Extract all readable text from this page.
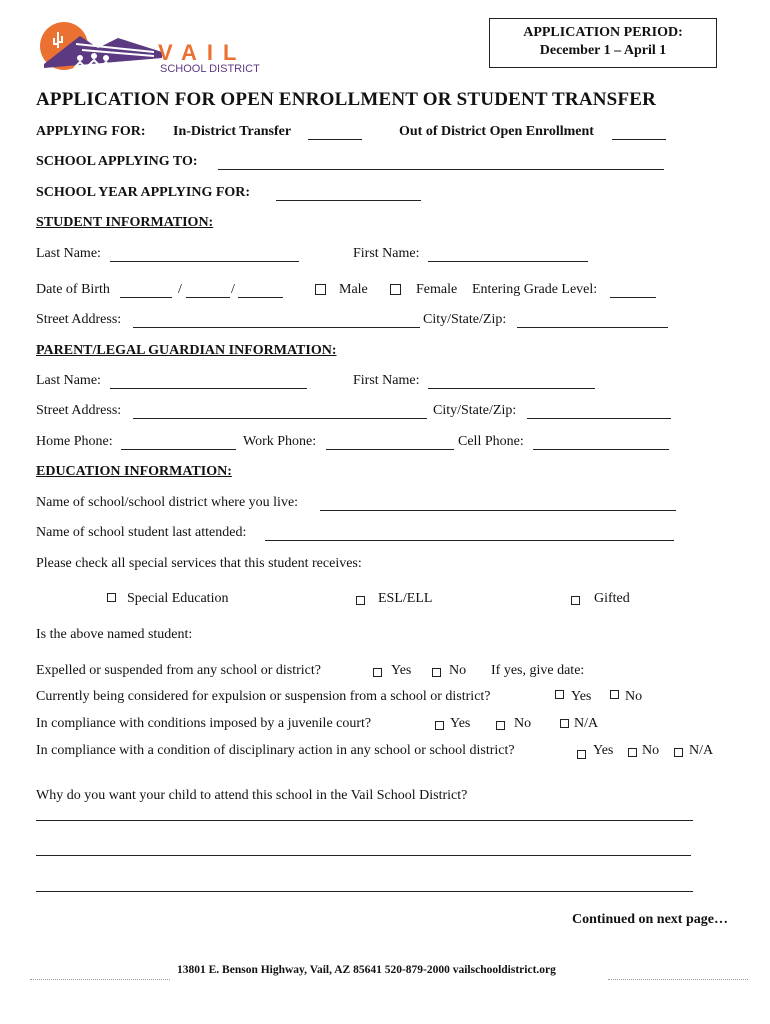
VAIL
SCHOOL DISTRICT
APPLICATION PERIOD:
December 1 – April 1
APPLICATION FOR OPEN ENROLLMENT OR STUDENT TRANSFER
APPLYING FOR: In-District Transfer	Out of District Open Enrollment
SCHOOL APPLYING TO:
SCHOOL YEAR APPLYING FOR:
STUDENT INFORMATION:
Last Name:	First Name:
Date of Birth	/	/	Male	Female Entering Grade Level:
Street Address:	City/State/Zip:
PARENT/LEGAL GUARDIAN INFORMATION:
Last Name:	First Name:
Street Address:	City/State/Zip:
Home Phone:	Work Phone:	Cell Phone:
EDUCATION INFORMATION:
Name of school/school district where you live:
Name of school student last attended:
Please check all special services that this student receives:
Special Education	ESL/ELL	Gifted
Is the above named student:
Expelled or suspended from any school or district?	Yes	No If yes, give date:
Currently being considered for expulsion or suspension from a school or district?	Yes No
In compliance with conditions imposed by a juvenile court?	Yes	No	N/A
In compliance with a condition of disciplinary action in any school or school district?	Yes No N/A
Why do you want your child to attend this school in the Vail School District?
Continued on next page…
13801 E. Benson Highway, Vail, AZ 85641 520-879-2000 vailschooldistrict.org
